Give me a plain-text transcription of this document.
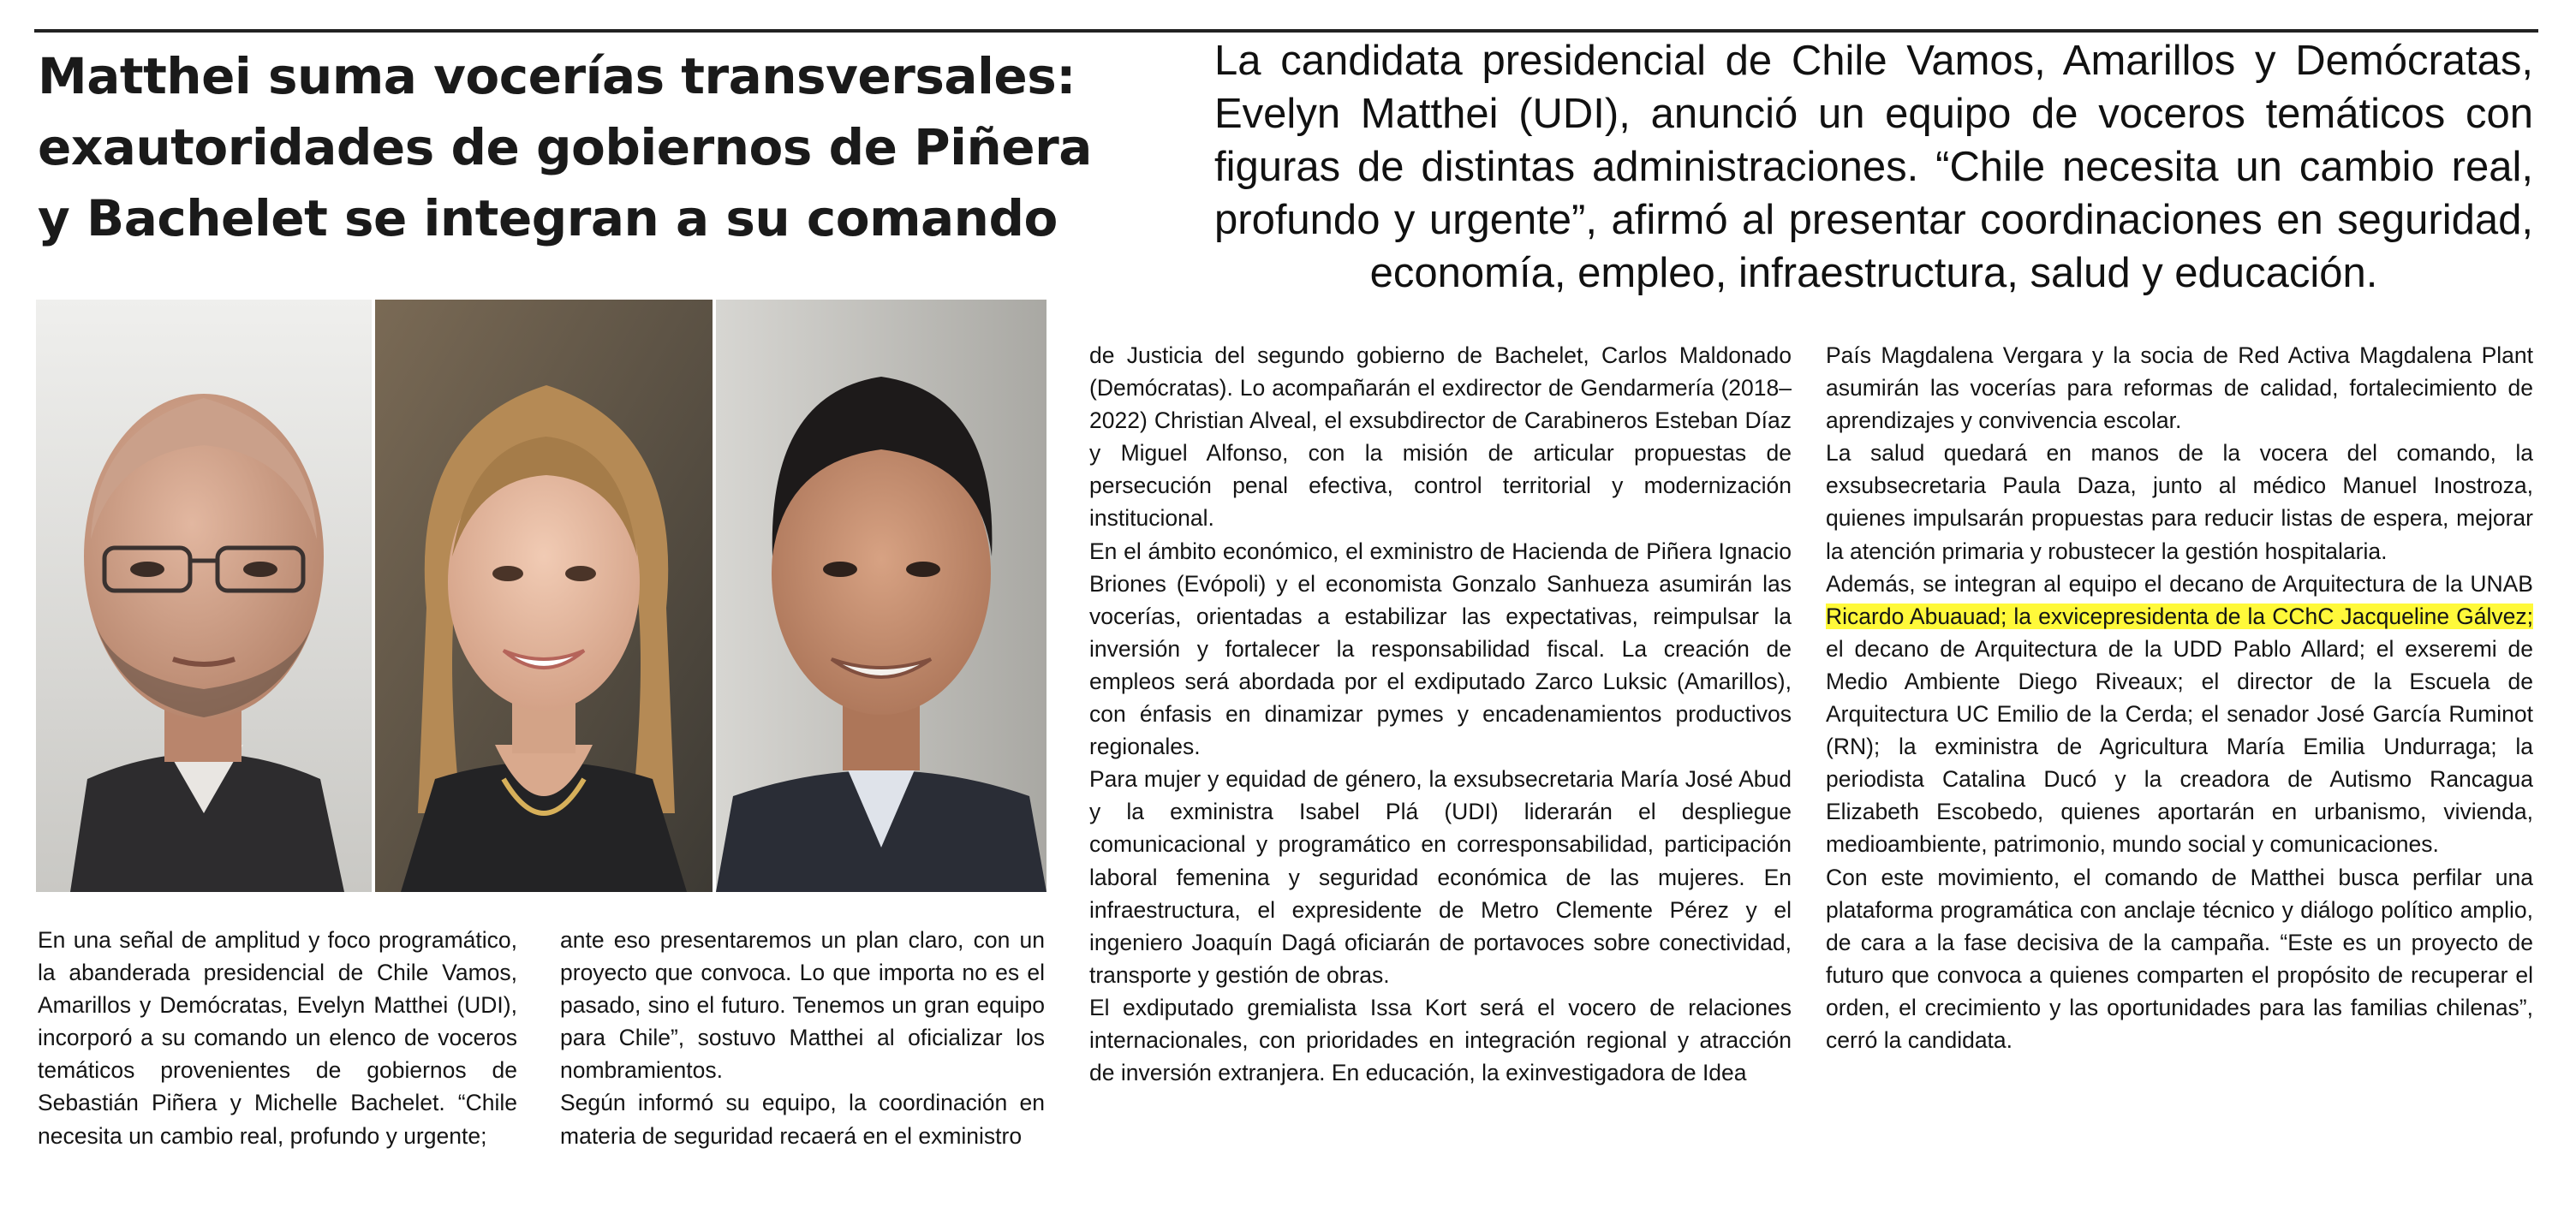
Matthei suma vocerías transversales: exautoridades de gobiernos de Piñera y Bachelet se integran a su comando

La candidata presidencial de Chile Vamos, Amarillos y Demócratas, Evelyn Matthei (UDI), anunció un equipo de voceros temáticos con figuras de distintas administraciones. “Chile necesita un cambio real, profundo y urgente”, afirmó al presentar coordinaciones en seguridad, economía, empleo, infraestructura, salud y educación.

En una señal de amplitud y foco programático, la abanderada presidencial de Chile Vamos, Amarillos y Demócratas, Evelyn Matthei (UDI), incorporó a su comando un elenco de voceros temáticos provenientes de gobiernos de Sebastián Piñera y Michelle Bachelet. “Chile necesita un cambio real, profundo y urgente;

ante eso presentaremos un plan claro, con un proyecto que convoca. Lo que importa no es el pasado, sino el futuro. Tenemos un gran equipo para Chile”, sostuvo Matthei al oficializar los nombramientos.

Según informó su equipo, la coordinación en materia de seguridad recaerá en el exministro

de Justicia del segundo gobierno de Bachelet, Carlos Maldonado (Demócratas). Lo acompañarán el exdirector de Gendarmería (2018–2022) Christian Alveal, el exsubdirector de Carabineros Esteban Díaz y Miguel Alfonso, con la misión de articular propuestas de persecución penal efectiva, control territorial y modernización institucional.

En el ámbito económico, el exministro de Hacienda de Piñera Ignacio Briones (Evópoli) y el economista Gonzalo Sanhueza asumirán las vocerías, orientadas a estabilizar las expectativas, reimpulsar la inversión y fortalecer la responsabilidad fiscal. La creación de empleos será abordada por el exdiputado Zarco Luksic (Amarillos), con énfasis en dinamizar pymes y encadenamientos productivos regionales.

Para mujer y equidad de género, la exsubsecretaria María José Abud y la exministra Isabel Plá (UDI) liderarán el despliegue comunicacional y programático en corresponsabilidad, participación laboral femenina y seguridad económica de las mujeres. En infraestructura, el expresidente de Metro Clemente Pérez y el ingeniero Joaquín Dagá oficiarán de portavoces sobre conectividad, transporte y gestión de obras.

El exdiputado gremialista Issa Kort será el vocero de relaciones internacionales, con prioridades en integración regional y atracción de inversión extranjera. En educación, la exinvestigadora de Idea

País Magdalena Vergara y la socia de Red Activa Magdalena Plant asumirán las vocerías para reformas de calidad, fortalecimiento de aprendizajes y convivencia escolar.

La salud quedará en manos de la vocera del comando, la exsubsecretaria Paula Daza, junto al médico Manuel Inostroza, quienes impulsarán propuestas para reducir listas de espera, mejorar la atención primaria y robustecer la gestión hospitalaria.

Además, se integran al equipo el decano de Arquitectura de la UNAB Ricardo Abuauad; la exvicepresidenta de la CChC Jacqueline Gálvez; el decano de Arquitectura de la UDD Pablo Allard; el exseremi de Medio Ambiente Diego Riveaux; el director de la Escuela de Arquitectura UC Emilio de la Cerda; el senador José García Ruminot (RN); la exministra de Agricultura María Emilia Undurraga; la periodista Catalina Ducó y la creadora de Autismo Rancagua Elizabeth Escobedo, quienes aportarán en urbanismo, vivienda, medioambiente, patrimonio, mundo social y comunicaciones.

Con este movimiento, el comando de Matthei busca perfilar una plataforma programática con anclaje técnico y diálogo político amplio, de cara a la fase decisiva de la campaña. “Este es un proyecto de futuro que convoca a quienes comparten el propósito de recuperar el orden, el crecimiento y las oportunidades para las familias chilenas”, cerró la candidata.
